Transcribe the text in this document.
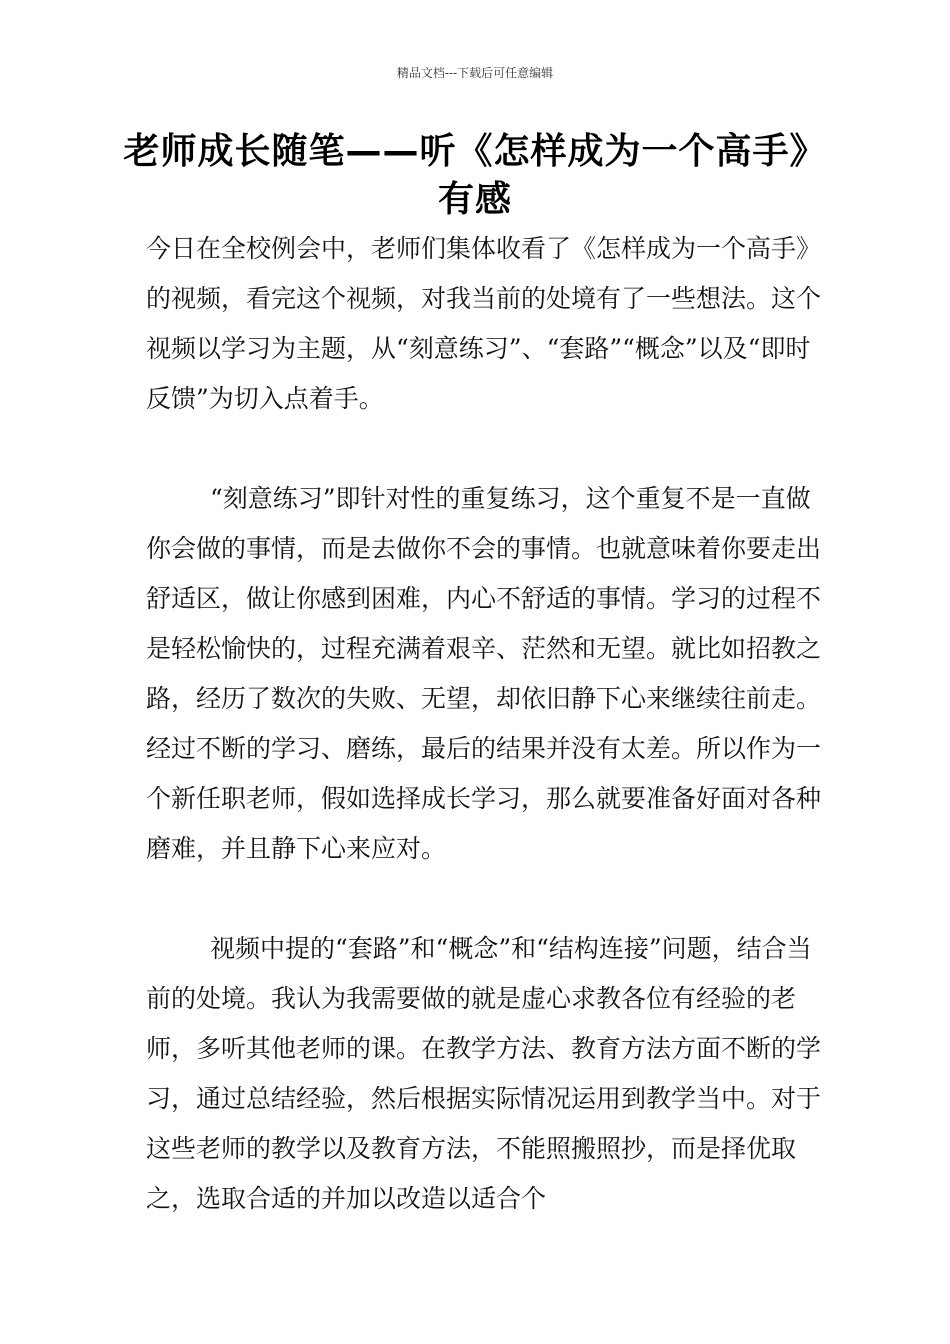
精品文档---下载后可任意编辑
老师成长随笔——听《怎样成为一个高手》有感

今日在全校例会中，老师们集体收看了《怎样成为一个高手》的视频，看完这个视频，对我当前的处境有了一些想法。这个视频以学习为主题，从“刻意练习”、“套路”“概念”以及“即时反馈”为切入点着手。

“刻意练习”即针对性的重复练习，这个重复不是一直做你会做的事情，而是去做你不会的事情。也就意味着你要走出舒适区，做让你感到困难，内心不舒适的事情。学习的过程不是轻松愉快的，过程充满着艰辛、茫然和无望。就比如招教之路，经历了数次的失败、无望，却依旧静下心来继续往前走。经过不断的学习、磨练，最后的结果并没有太差。所以作为一个新任职老师，假如选择成长学习，那么就要准备好面对各种磨难，并且静下心来应对。

视频中提的“套路”和“概念”和“结构连接”问题，结合当前的处境。我认为我需要做的就是虚心求教各位有经验的老师，多听其他老师的课。在教学方法、教育方法方面不断的学习，通过总结经验，然后根据实际情况运用到教学当中。对于这些老师的教学以及教育方法，不能照搬照抄，而是择优取之，选取合适的并加以改造以适合个
